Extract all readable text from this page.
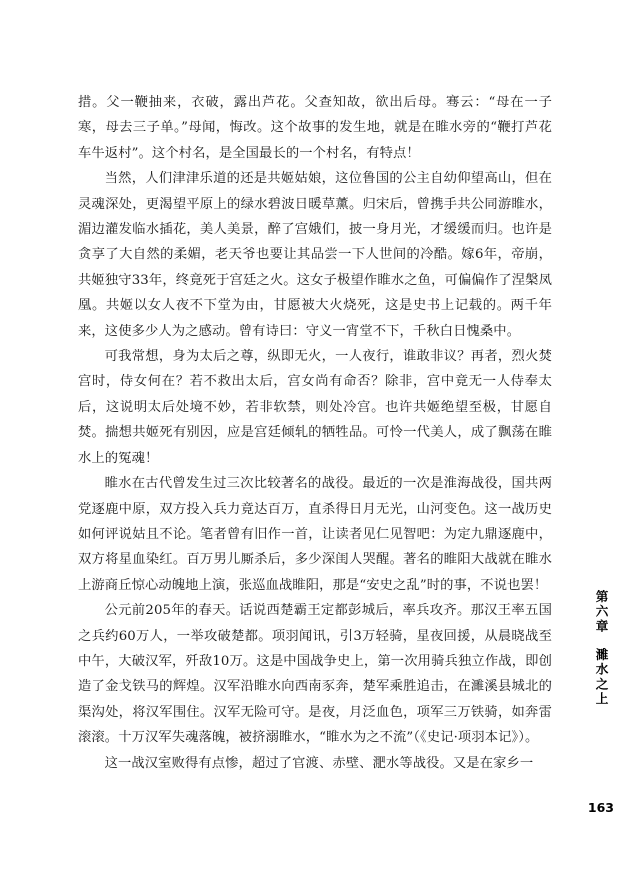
措。父一鞭抽来，衣破，露出芦花。父查知故，欲出后母。骞云：“母在一子寒，母去三子单。”母闻，悔改。这个故事的发生地，就是在睢水旁的“鞭打芦花车牛返村”。这个村名，是全国最长的一个村名，有特点！

当然，人们津津乐道的还是共姬姑娘，这位鲁国的公主自幼仰望高山，但在灵魂深处，更渴望平原上的绿水碧波日暖草薰。归宋后，曾携手共公同游睢水，湄边灌发临水插花，美人美景，醉了宫娥们，披一身月光，才缓缓而归。也许是贪享了大自然的柔媚，老天爷也要让其品尝一下人世间的冷酷。嫁6年，帝崩，共姬独守33年，终竟死于宫廷之火。这女子极望作睢水之鱼，可偏偏作了涅槃凤凰。共姬以女人夜不下堂为由，甘愿被大火烧死，这是史书上记载的。两千年来，这使多少人为之感动。曾有诗曰：守义一宵堂不下，千秋白日愧桑中。

可我常想，身为太后之尊，纵即无火，一人夜行，谁敢非议？再者，烈火焚宫时，侍女何在？若不救出太后，宫女尚有命否？除非，宫中竟无一人侍奉太后，这说明太后处境不妙，若非软禁，则处冷宫。也许共姬绝望至极，甘愿自焚。揣想共姬死有别因，应是宫廷倾轧的牺牲品。可怜一代美人，成了飘荡在睢水上的冤魂！

睢水在古代曾发生过三次比较著名的战役。最近的一次是淮海战役，国共两党逐鹿中原，双方投入兵力竟达百万，直杀得日月无光，山河变色。这一战历史如何评说姑且不论。笔者曾有旧作一首，让读者见仁见智吧：为定九鼎逐鹿中，双方将星血染红。百万男儿厮杀后，多少深闺人哭醒。著名的睢阳大战就在睢水上游商丘惊心动魄地上演，张巡血战睢阳，那是“安史之乱”时的事，不说也罢！

公元前205年的春天。话说西楚霸王定都彭城后，率兵攻齐。那汉王率五国之兵约60万人，一举攻破楚都。项羽闻讯，引3万轻骑，星夜回援，从晨晓战至中午，大破汉军，歼敌10万。这是中国战争史上，第一次用骑兵独立作战，即创造了金戈铁马的辉煌。汉军沿睢水向西南豕奔，楚军乘胜追击，在濉溪县城北的渠沟处，将汉军围住。汉军无险可守。是夜，月泛血色，项军三万铁骑，如奔雷滚滚。十万汉军失魂落魄，被挤溺睢水，“睢水为之不流”（《史记·项羽本记》）。

这一战汉室败得有点惨，超过了官渡、赤壁、淝水等战役。又是在家乡一

第六章 濉水之上
163
